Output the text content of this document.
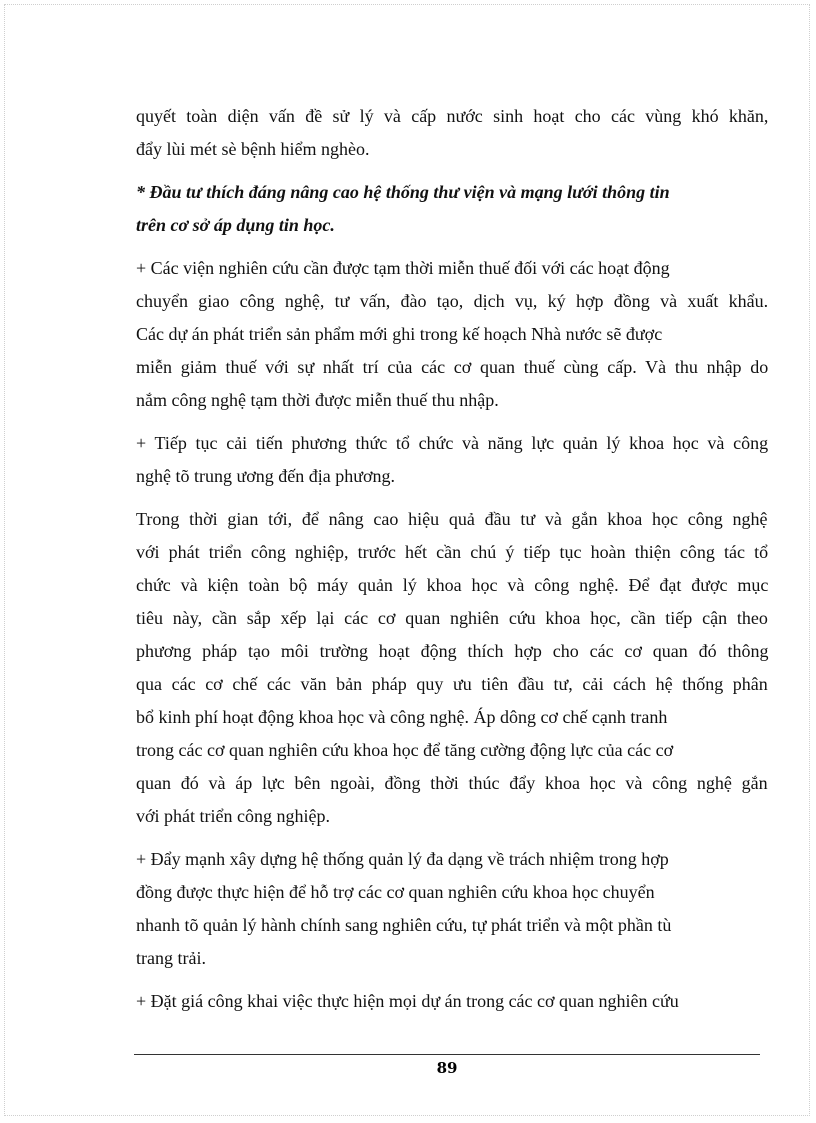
quyết toàn diện vấn đề sử lý và cấp nước sinh hoạt cho các vùng khó khăn,
đẩy lùi mét sè bệnh hiểm nghèo.
* Đầu tư thích đáng nâng cao hệ thống thư viện và mạng lưới thông tin
trên cơ sở áp dụng tin học.
+ Các viện nghiên cứu cần được tạm thời miễn thuế đối với các hoạt động
chuyển giao công nghệ, tư vấn, đào tạo, dịch vụ, ký hợp đồng và xuất khẩu.
Các dự án phát triển sản phẩm mới ghi trong kế hoạch Nhà nước sẽ được
miễn giảm thuế với sự nhất trí của các cơ quan thuế cùng cấp. Và thu nhập do
nắm công nghệ tạm thời được miễn thuế thu nhập.
+ Tiếp tục cải tiến phương thức tổ chức và năng lực quản lý khoa học và công
nghệ tõ trung ương đến địa phương.
Trong thời gian tới, để nâng cao hiệu quả đầu tư và gắn khoa học công nghệ
với phát triển công nghiệp, trước hết cần chú ý tiếp tục hoàn thiện công tác tổ
chức và kiện toàn bộ máy quản lý khoa học và công nghệ. Để đạt được mục
tiêu này, cần sắp xếp lại các cơ quan nghiên cứu khoa học, cần tiếp cận theo
phương pháp tạo môi trường hoạt động thích hợp cho các cơ quan đó thông
qua các cơ chế các văn bản pháp quy ưu tiên đầu tư, cải cách hệ thống phân
bổ kinh phí hoạt động khoa học và công nghệ. Áp dông cơ chế cạnh tranh
trong các cơ quan nghiên cứu khoa học để tăng cường động lực của các cơ
quan đó và áp lực bên ngoài, đồng thời thúc đẩy khoa học và công nghệ gắn
với phát triển công nghiệp.
+ Đẩy mạnh xây dựng hệ thống quản lý đa dạng về trách nhiệm trong hợp
đồng được thực hiện để hỗ trợ các cơ quan nghiên cứu khoa học chuyển
nhanh tõ quản lý hành chính sang nghiên cứu, tự phát triển và một phần tù
trang trải.
+ Đặt giá công khai việc thực hiện mọi dự án trong các cơ quan nghiên cứu
89
